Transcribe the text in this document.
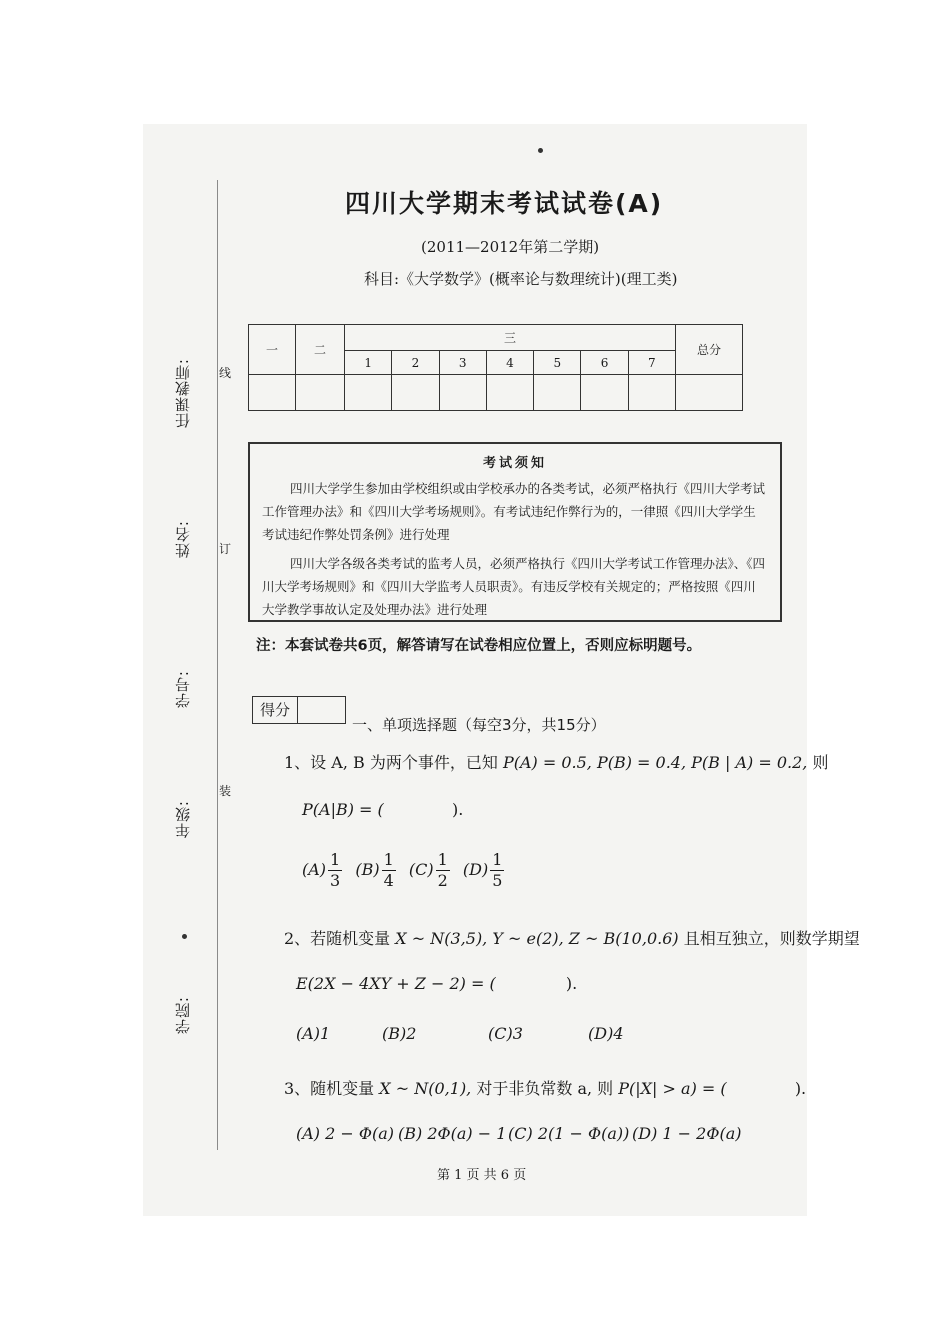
任课教师:
姓名:
学号:
年级:
学院:
线
订
装
四川大学期末考试试卷(A)
(2011—2012年第二学期)
科目:《大学数学》(概率论与数理统计)(理工类)
一	二	三							总分
		1	2	3	4	5	6	7	

考试须知

四川大学学生参加由学校组织或由学校承办的各类考试，必须严格执行《四川大学考试工作管理办法》和《四川大学考场规则》。有考试违纪作弊行为的，一律照《四川大学学生考试违纪作弊处罚条例》进行处理

四川大学各级各类考试的监考人员，必须严格执行《四川大学考试工作管理办法》、《四川大学考场规则》和《四川大学监考人员职责》。有违反学校有关规定的；严格按照《四川大学教学事故认定及处理办法》进行处理

注：本套试卷共6页，解答请写在试卷相应位置上，否则应标明题号。
得分
一、单项选择题（每空3分，共15分）
1、设 A, B 为两个事件，已知 P(A) = 0.5, P(B) = 0.4, P(B | A) = 0.2, 则
P(A|B) = (	).
$(A) \frac{1}{3} (B) \frac{1}{4} (C) \frac{1}{2} (D) \frac{1}{5}$
2、若随机变量 X ~ N(3,5), Y ~ e(2), Z ~ B(10,0.6) 且相互独立，则数学期望
E(2X − 4XY + Z − 2) = (	).
(A)1	(B)2	(C)3	(D)4
3、随机变量 X ~ N(0,1), 对于非负常数 a, 则 P(|X| > a) = (	).
(A) 2 − Φ(a) (B) 2Φ(a) − 1 (C) 2(1 − Φ(a)) (D) 1 − 2Φ(a)
第 1 页 共 6 页
